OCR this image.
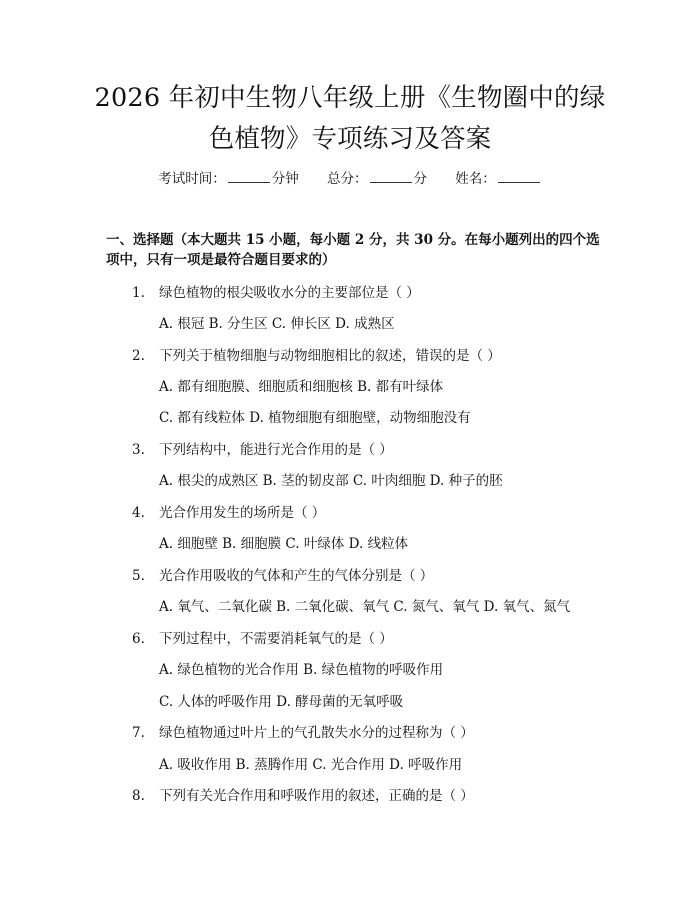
2026 年初中生物八年级上册《生物圈中的绿
色植物》专项练习及答案
考试时间：	分钟 总分：	分 姓名：

一、选择题（本大题共 15 小题，每小题 2 分，共 30 分。在每小题列出的四个选项中，只有一项是最符合题目要求的）

1. 绿色植物的根尖吸收水分的主要部位是（ ）
A. 根冠 B. 分生区 C. 伸长区 D. 成熟区
2. 下列关于植物细胞与动物细胞相比的叙述，错误的是（ ）
A. 都有细胞膜、细胞质和细胞核 B. 都有叶绿体
C. 都有线粒体 D. 植物细胞有细胞壁，动物细胞没有
3. 下列结构中，能进行光合作用的是（ ）
A. 根尖的成熟区 B. 茎的韧皮部 C. 叶肉细胞 D. 种子的胚
4. 光合作用发生的场所是（ ）
A. 细胞壁 B. 细胞膜 C. 叶绿体 D. 线粒体
5. 光合作用吸收的气体和产生的气体分别是（ ）
A. 氧气、二氧化碳 B. 二氧化碳、氧气 C. 氮气、氧气 D. 氧气、氮气
6. 下列过程中，不需要消耗氧气的是（ ）
A. 绿色植物的光合作用 B. 绿色植物的呼吸作用
C. 人体的呼吸作用 D. 酵母菌的无氧呼吸
7. 绿色植物通过叶片上的气孔散失水分的过程称为（ ）
A. 吸收作用 B. 蒸腾作用 C. 光合作用 D. 呼吸作用
8. 下列有关光合作用和呼吸作用的叙述，正确的是（ ）
